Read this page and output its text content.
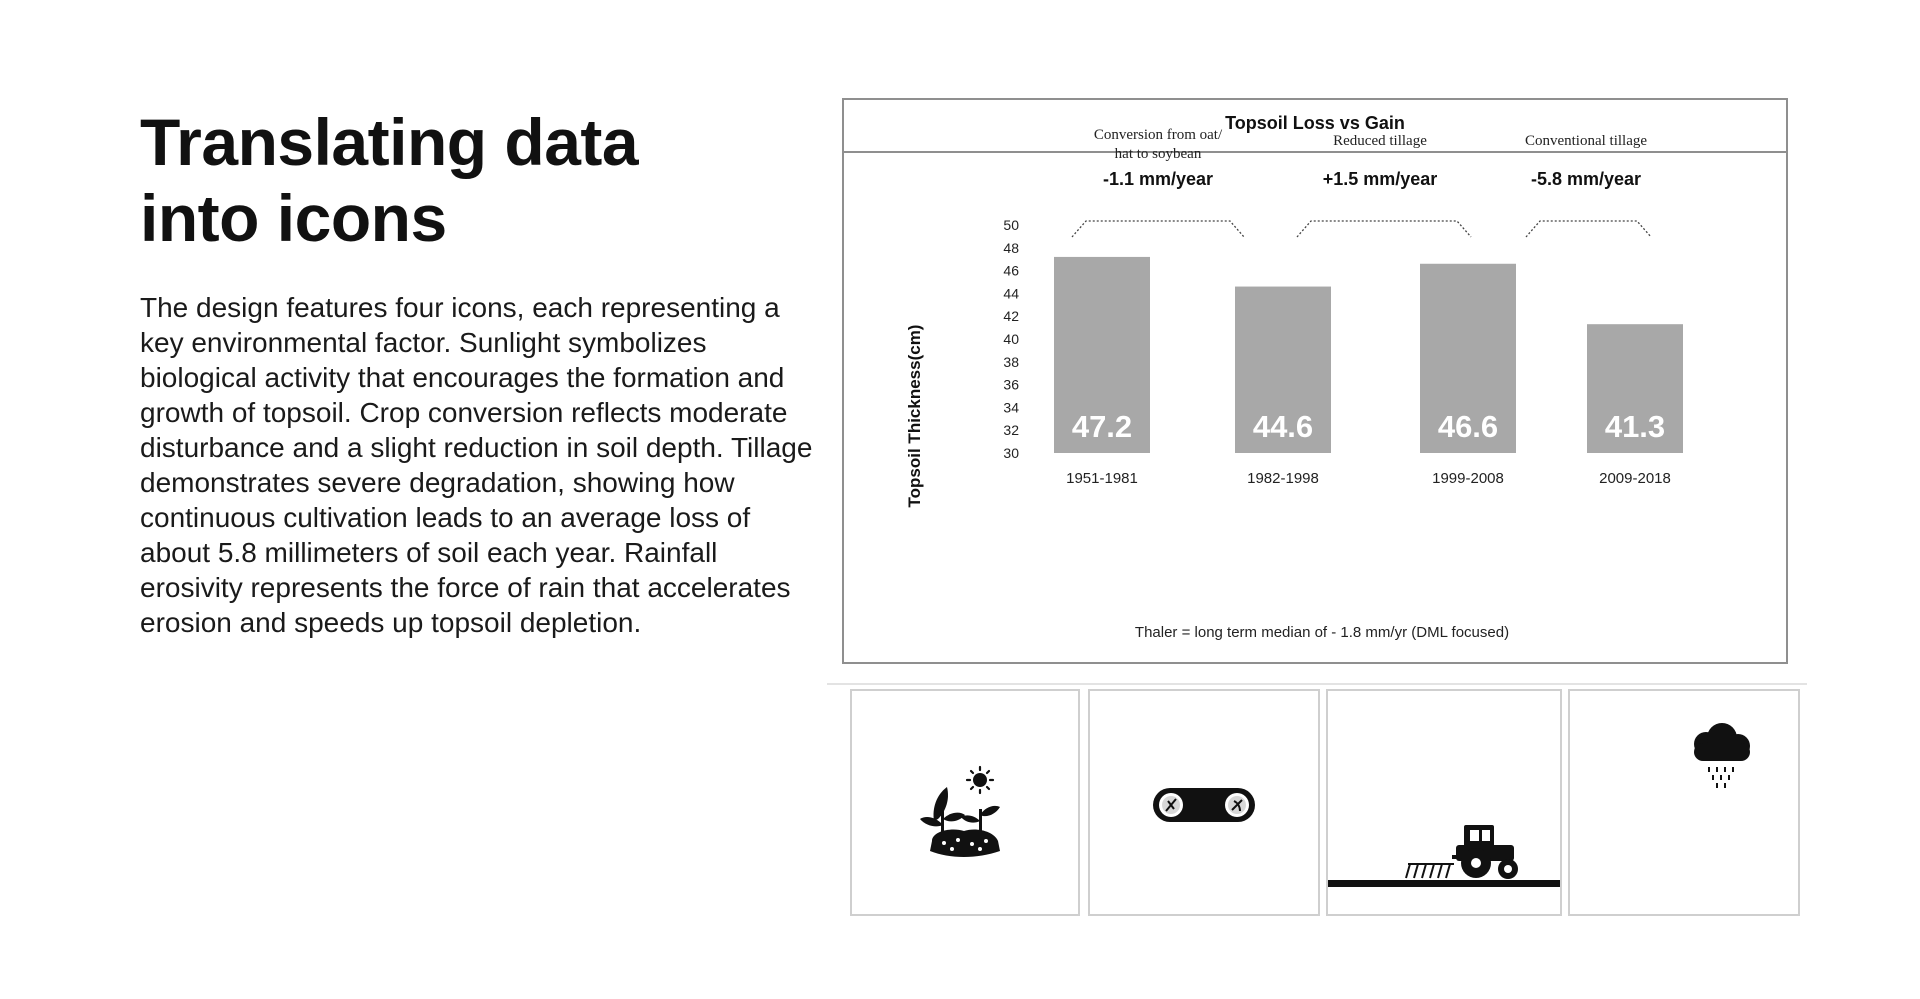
Translating data
into icons

The design features four icons, each representing a key environmental factor. Sunlight symbolizes biological activity that encourages the formation and growth of topsoil. Crop conversion reflects moderate disturbance and a slight reduction in soil depth. Tillage demonstrates severe degradation, showing how continuous cultivation leads to an average loss of about 5.8 millimeters of soil each year. Rainfall erosivity represents the force of rain that accelerates erosion and speeds up topsoil depletion.

Topsoil Loss vs Gain
Topsoil Thickness(cm)
50
48
46
44
42
40
38
36
34
32
30
47.2	44.6	46.6	41.3
1951-1981	1982-1998	1999-2008	2009-2018
Conversion from oat/
hat to soybean
-1.1 mm/year
Reduced tillage
+1.5 mm/year
Conventional tillage
-5.8 mm/year
Thaler = long term median of - 1.8 mm/yr (DML focused)
